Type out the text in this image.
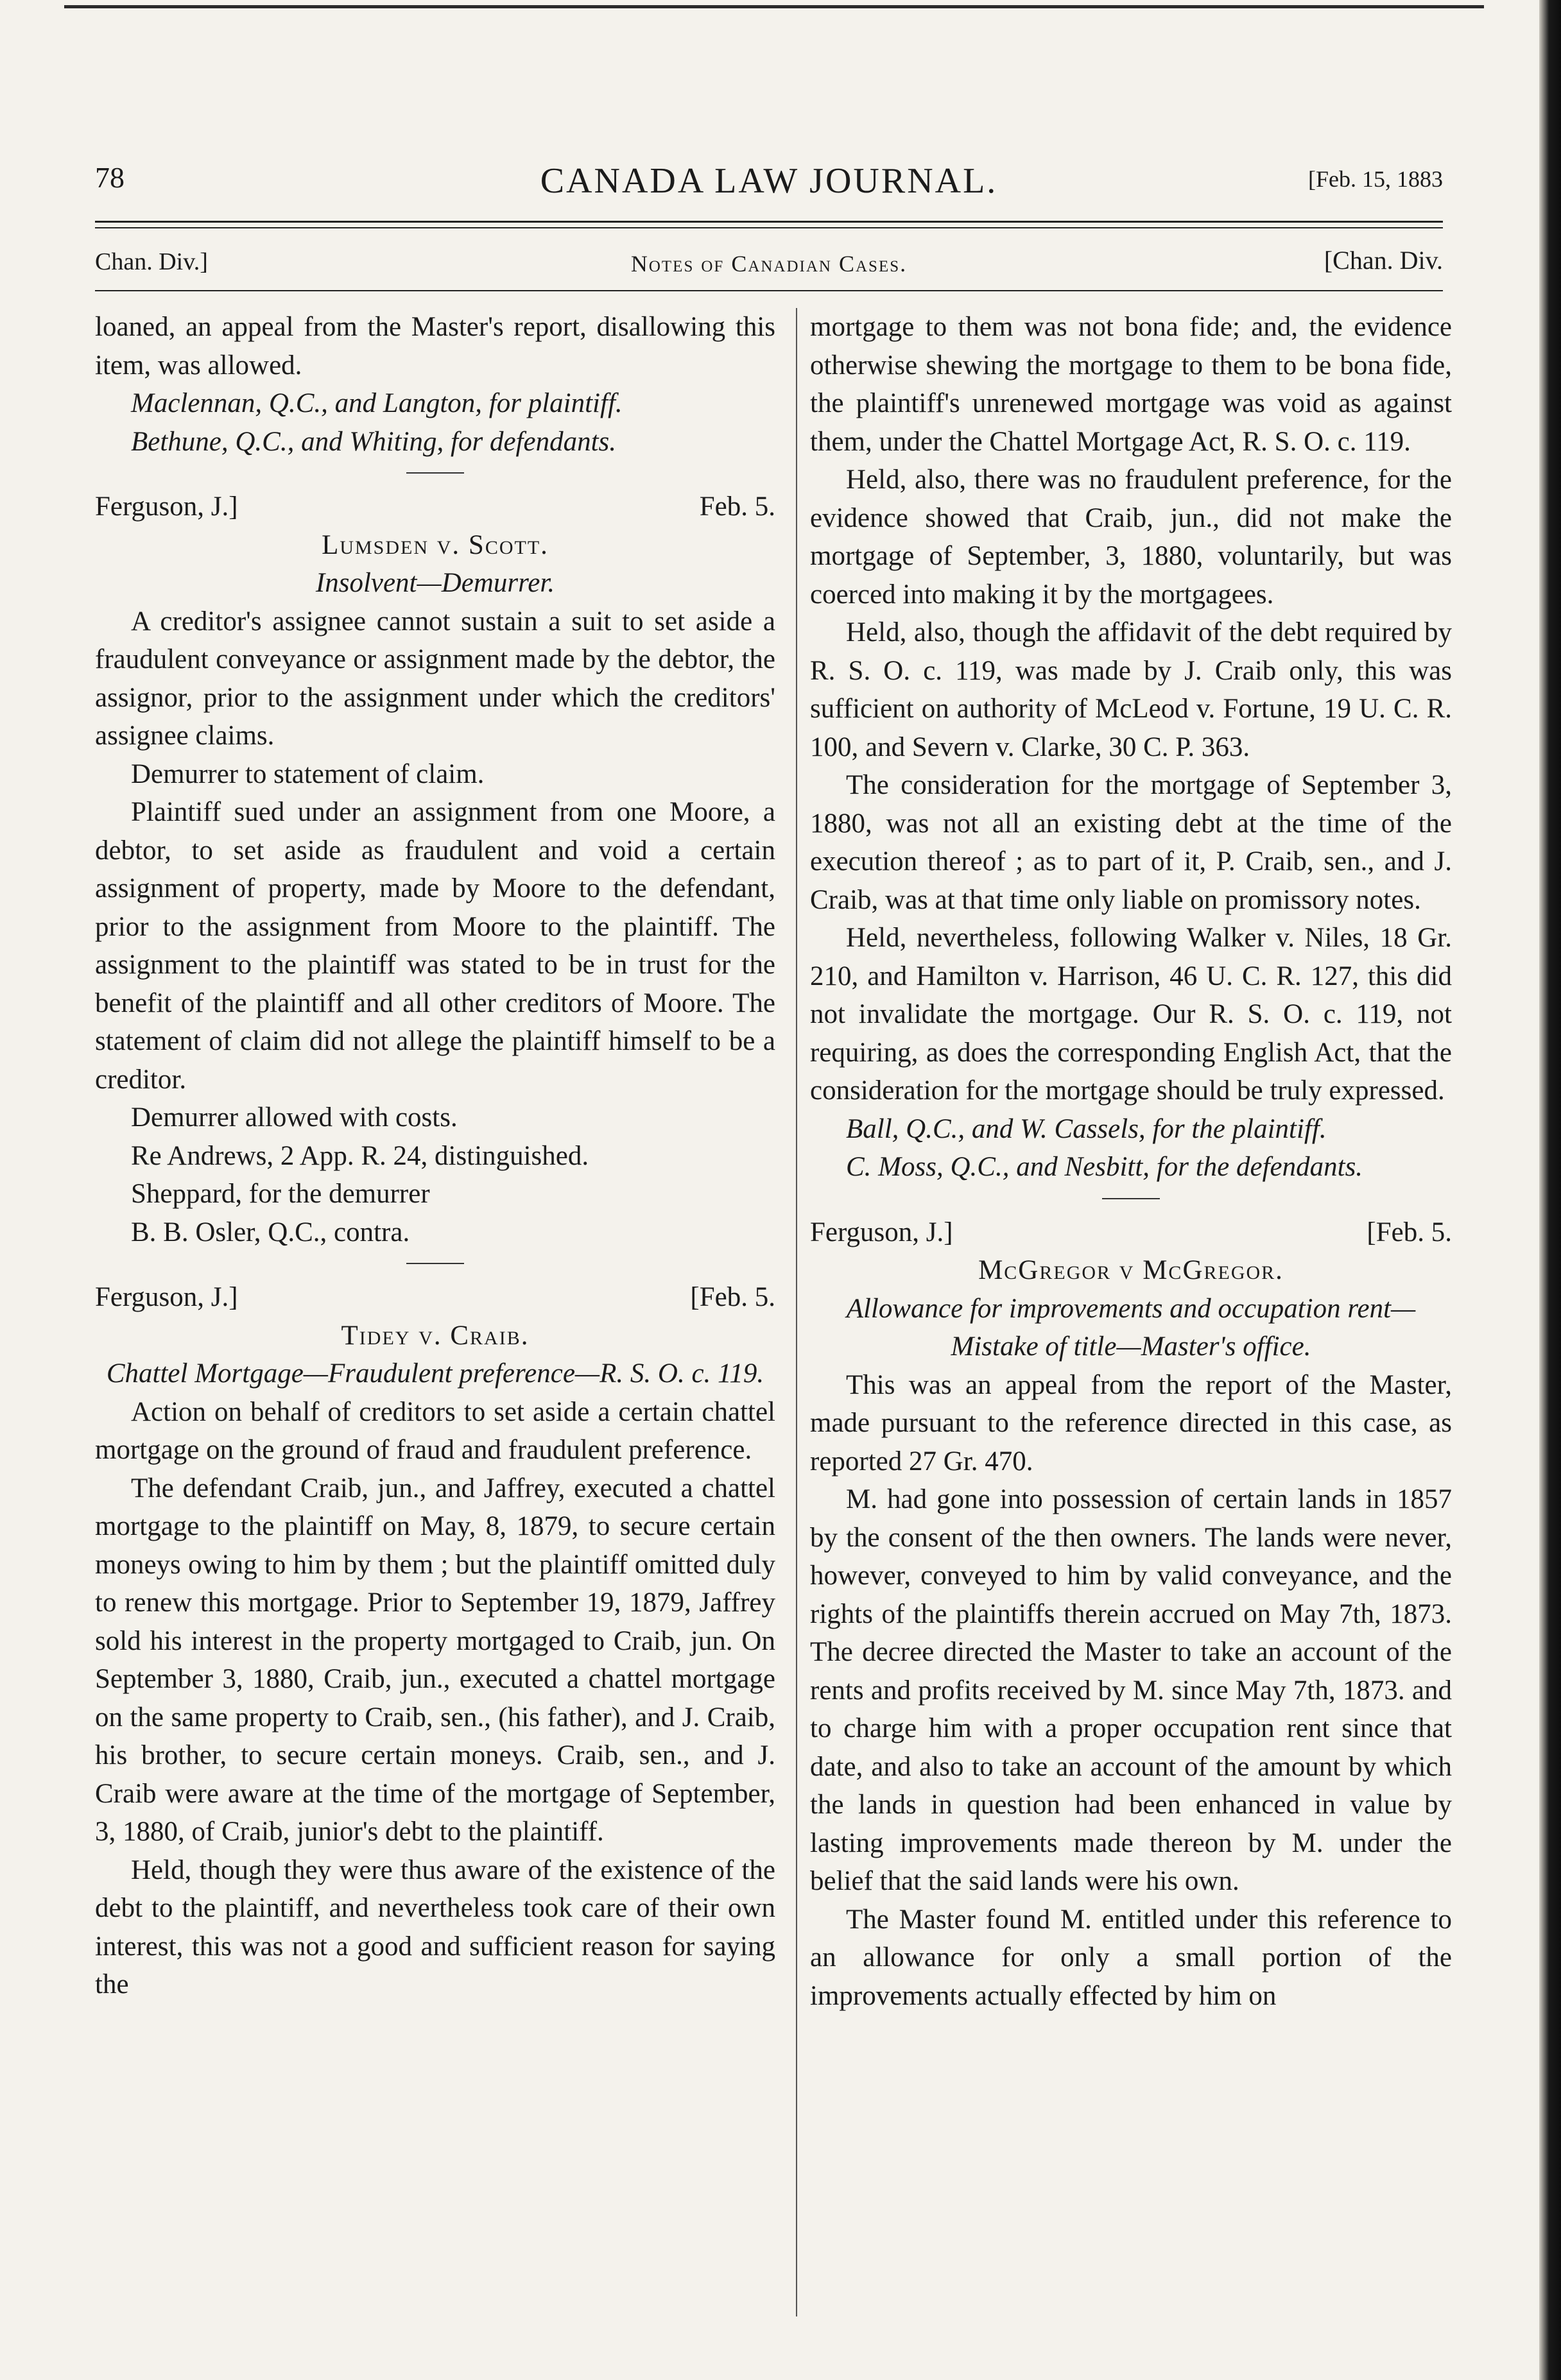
78	CANADA LAW JOURNAL.	[Feb. 15, 1883
Chan. Div.]	Notes of Canadian Cases.	[Chan. Div.

loaned, an appeal from the Master's report, disallowing this item, was allowed.

Maclennan, Q.C., and Langton, for plaintiff.

Bethune, Q.C., and Whiting, for defendants.

Ferguson, J.]	Feb. 5.

Lumsden v. Scott.

Insolvent—Demurrer.

A creditor's assignee cannot sustain a suit to set aside a fraudulent conveyance or assignment made by the debtor, the assignor, prior to the assignment under which the creditors' assignee claims.

Demurrer to statement of claim.

Plaintiff sued under an assignment from one Moore, a debtor, to set aside as fraudulent and void a certain assignment of property, made by Moore to the defendant, prior to the assignment from Moore to the plaintiff. The assignment to the plaintiff was stated to be in trust for the benefit of the plaintiff and all other creditors of Moore. The statement of claim did not allege the plaintiff himself to be a creditor.

Demurrer allowed with costs.

Re Andrews, 2 App. R. 24, distinguished.

Sheppard, for the demurrer

B. B. Osler, Q.C., contra.

Ferguson, J.]	[Feb. 5.

Tidey v. Craib.

Chattel Mortgage—Fraudulent preference—R. S. O. c. 119.

Action on behalf of creditors to set aside a certain chattel mortgage on the ground of fraud and fraudulent preference.

The defendant Craib, jun., and Jaffrey, executed a chattel mortgage to the plaintiff on May, 8, 1879, to secure certain moneys owing to him by them ; but the plaintiff omitted duly to renew this mortgage. Prior to September 19, 1879, Jaffrey sold his interest in the property mortgaged to Craib, jun. On September 3, 1880, Craib, jun., executed a chattel mortgage on the same property to Craib, sen., (his father), and J. Craib, his brother, to secure certain moneys. Craib, sen., and J. Craib were aware at the time of the mortgage of September, 3, 1880, of Craib, junior's debt to the plaintiff.

Held, though they were thus aware of the existence of the debt to the plaintiff, and nevertheless took care of their own interest, this was not a good and sufficient reason for saying the

mortgage to them was not bona fide; and, the evidence otherwise shewing the mortgage to them to be bona fide, the plaintiff's unrenewed mortgage was void as against them, under the Chattel Mortgage Act, R. S. O. c. 119.

Held, also, there was no fraudulent preference, for the evidence showed that Craib, jun., did not make the mortgage of September, 3, 1880, voluntarily, but was coerced into making it by the mortgagees.

Held, also, though the affidavit of the debt required by R. S. O. c. 119, was made by J. Craib only, this was sufficient on authority of McLeod v. Fortune, 19 U. C. R. 100, and Severn v. Clarke, 30 C. P. 363.

The consideration for the mortgage of September 3, 1880, was not all an existing debt at the time of the execution thereof ; as to part of it, P. Craib, sen., and J. Craib, was at that time only liable on promissory notes.

Held, nevertheless, following Walker v. Niles, 18 Gr. 210, and Hamilton v. Harrison, 46 U. C. R. 127, this did not invalidate the mortgage. Our R. S. O. c. 119, not requiring, as does the corresponding English Act, that the consideration for the mortgage should be truly expressed.

Ball, Q.C., and W. Cassels, for the plaintiff.

C. Moss, Q.C., and Nesbitt, for the defendants.

Ferguson, J.]	[Feb. 5.

McGregor v McGregor.

Allowance for improvements and occupation rent—Mistake of title—Master's office.

This was an appeal from the report of the Master, made pursuant to the reference directed in this case, as reported 27 Gr. 470.

M. had gone into possession of certain lands in 1857 by the consent of the then owners. The lands were never, however, conveyed to him by valid conveyance, and the rights of the plaintiffs therein accrued on May 7th, 1873. The decree directed the Master to take an account of the rents and profits received by M. since May 7th, 1873. and to charge him with a proper occupation rent since that date, and also to take an account of the amount by which the lands in question had been enhanced in value by lasting improvements made thereon by M. under the belief that the said lands were his own.

The Master found M. entitled under this reference to an allowance for only a small portion of the improvements actually effected by him on
